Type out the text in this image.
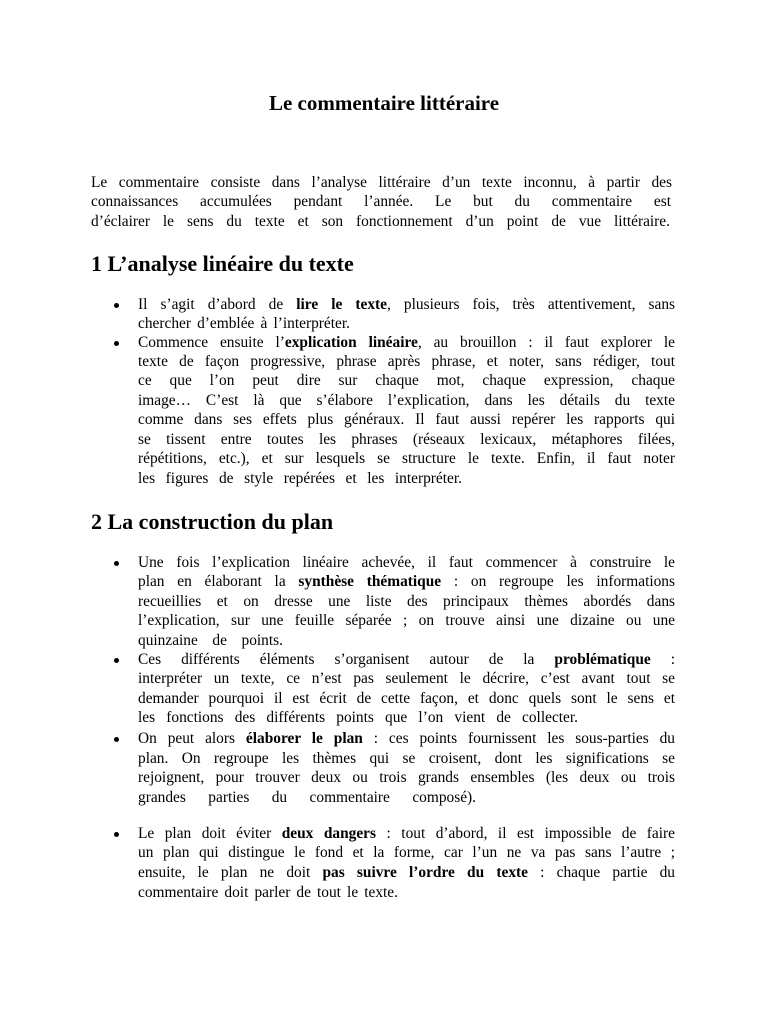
Le commentaire littéraire
Le commentaire consiste dans l’analyse littéraire d’un texte inconnu, à partir des
connaissances accumulées pendant l’année. Le but du commentaire est
d’éclairer le sens du texte et son fonctionnement d’un point de vue littéraire.
1 L’analyse linéaire du texte
2 La construction du plan
Il s’agit d’abord de lire le texte, plusieurs fois, très attentivement, sans
chercher d’emblée à l’interpréter.
Commence ensuite l’explication linéaire, au brouillon : il faut explorer le
texte de façon progressive, phrase après phrase, et noter, sans rédiger, tout
ce que l’on peut dire sur chaque mot, chaque expression, chaque
image… C’est là que s’élabore l’explication, dans les détails du texte
comme dans ses effets plus généraux. Il faut aussi repérer les rapports qui
se tissent entre toutes les phrases (réseaux lexicaux, métaphores filées,
répétitions, etc.), et sur lesquels se structure le texte. Enfin, il faut noter
les figures de style repérées et les interpréter.
Une fois l’explication linéaire achevée, il faut commencer à construire le
plan en élaborant la synthèse thématique : on regroupe les informations
recueillies et on dresse une liste des principaux thèmes abordés dans
l’explication, sur une feuille séparée ; on trouve ainsi une dizaine ou une
quinzaine de points.
Ces différents éléments s’organisent autour de la problématique :
interpréter un texte, ce n’est pas seulement le décrire, c’est avant tout se
demander pourquoi il est écrit de cette façon, et donc quels sont le sens et
les fonctions des différents points que l’on vient de collecter.
On peut alors élaborer le plan : ces points fournissent les sous-parties du
plan. On regroupe les thèmes qui se croisent, dont les significations se
rejoignent, pour trouver deux ou trois grands ensembles (les deux ou trois
grandes parties du commentaire composé).
Le plan doit éviter deux dangers : tout d’abord, il est impossible de faire
un plan qui distingue le fond et la forme, car l’un ne va pas sans l’autre ;
ensuite, le plan ne doit pas suivre l’ordre du texte : chaque partie du
commentaire doit parler de tout le texte.
